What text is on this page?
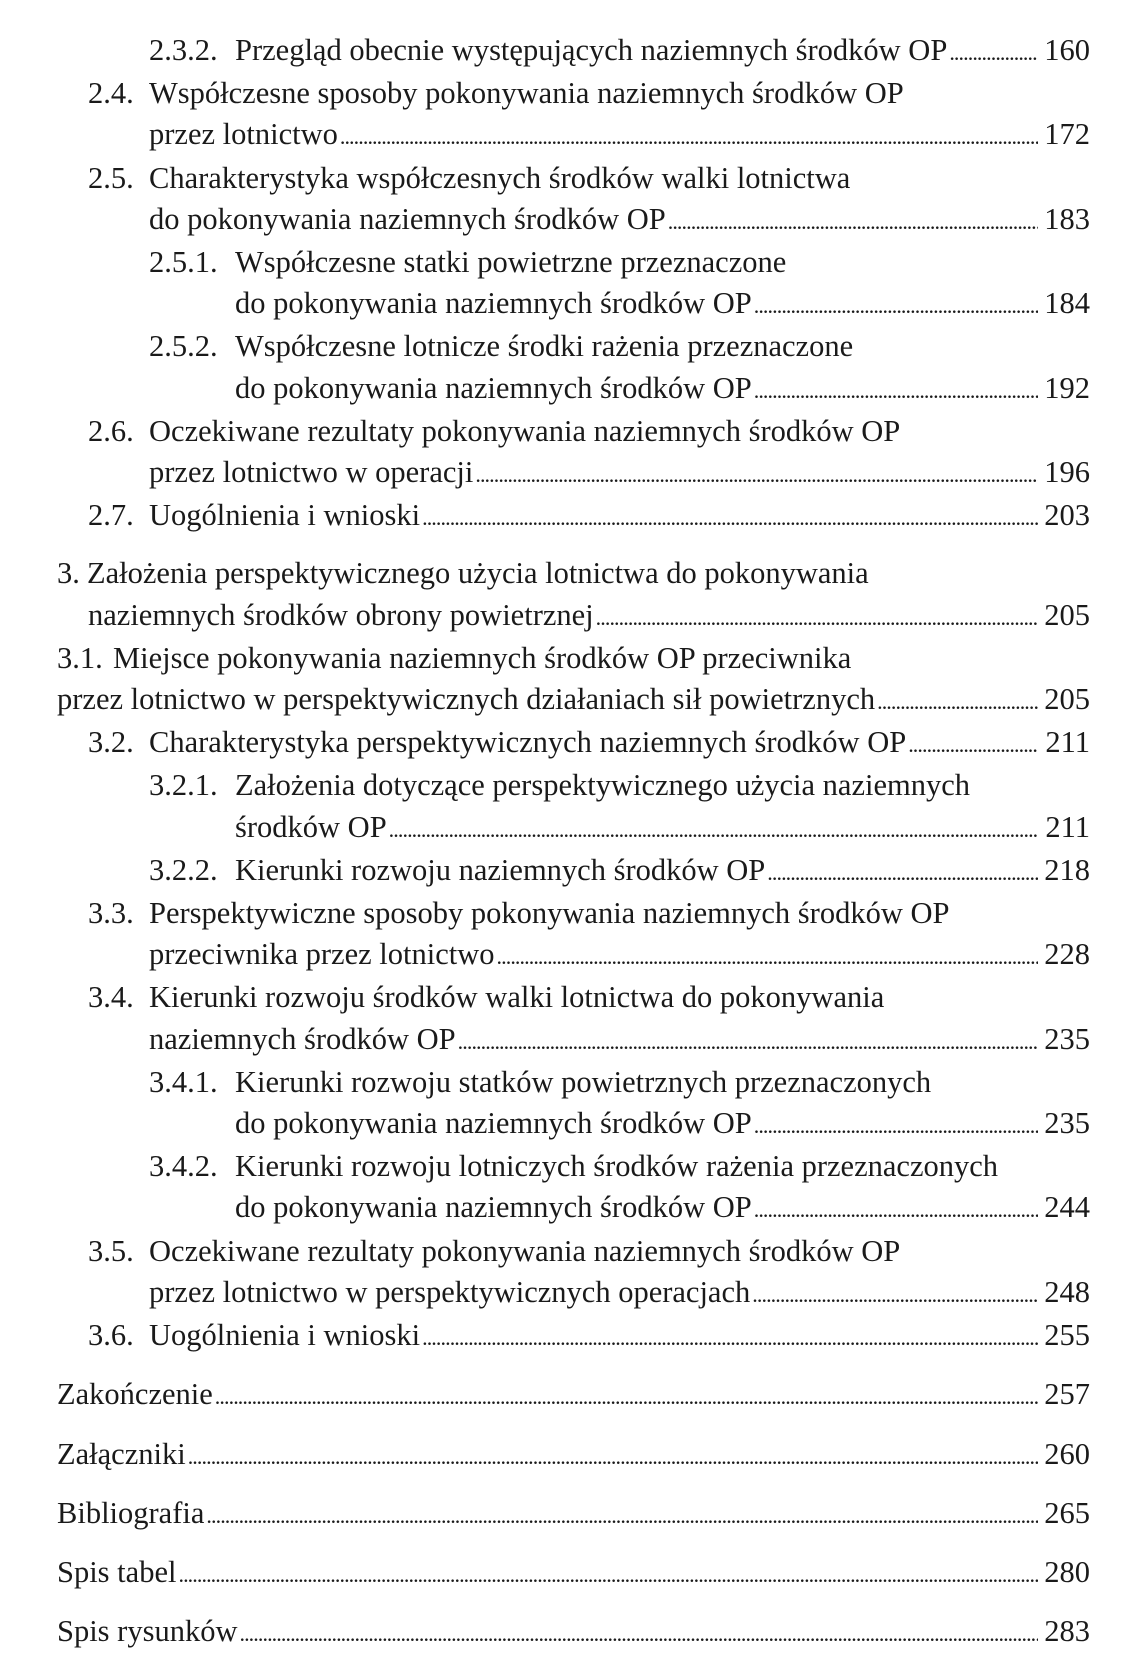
2.3.2. Przegląd obecnie występujących naziemnych środków OP . . .	160
2.4. Współczesne sposoby pokonywania naziemnych środków OP
przez lotnictwo . . .	172
2.5. Charakterystyka współczesnych środków walki lotnictwa
do pokonywania naziemnych środków OP . . .	183
2.5.1. Współczesne statki powietrzne przeznaczone
do pokonywania naziemnych środków OP . . .	184
2.5.2. Współczesne lotnicze środki rażenia przeznaczone
do pokonywania naziemnych środków OP . . .	192
2.6. Oczekiwane rezultaty pokonywania naziemnych środków OP
przez lotnictwo w operacji . . .	196
2.7. Uogólnienia i wnioski . . .	203
3. Założenia perspektywicznego użycia lotnictwa do pokonywania
naziemnych środków obrony powietrznej . . .	205
3.1. Miejsce pokonywania naziemnych środków OP przeciwnika
przez lotnictwo w perspektywicznych działaniach sił powietrznych . . .	205
3.2. Charakterystyka perspektywicznych naziemnych środków OP . . .	211
3.2.1. Założenia dotyczące perspektywicznego użycia naziemnych
środków OP . . .	211
3.2.2. Kierunki rozwoju naziemnych środków OP . . .	218
3.3. Perspektywiczne sposoby pokonywania naziemnych środków OP
przeciwnika przez lotnictwo . . .	228
3.4. Kierunki rozwoju środków walki lotnictwa do pokonywania
naziemnych środków OP . . .	235
3.4.1. Kierunki rozwoju statków powietrznych przeznaczonych
do pokonywania naziemnych środków OP . . .	235
3.4.2. Kierunki rozwoju lotniczych środków rażenia przeznaczonych
do pokonywania naziemnych środków OP . . .	244
3.5. Oczekiwane rezultaty pokonywania naziemnych środków OP
przez lotnictwo w perspektywicznych operacjach . . .	248
3.6. Uogólnienia i wnioski . . .	255
Zakończenie . . .	257
Załączniki . . .	260
Bibliografia . . .	265
Spis tabel . . .	280
Spis rysunków . . .	283
